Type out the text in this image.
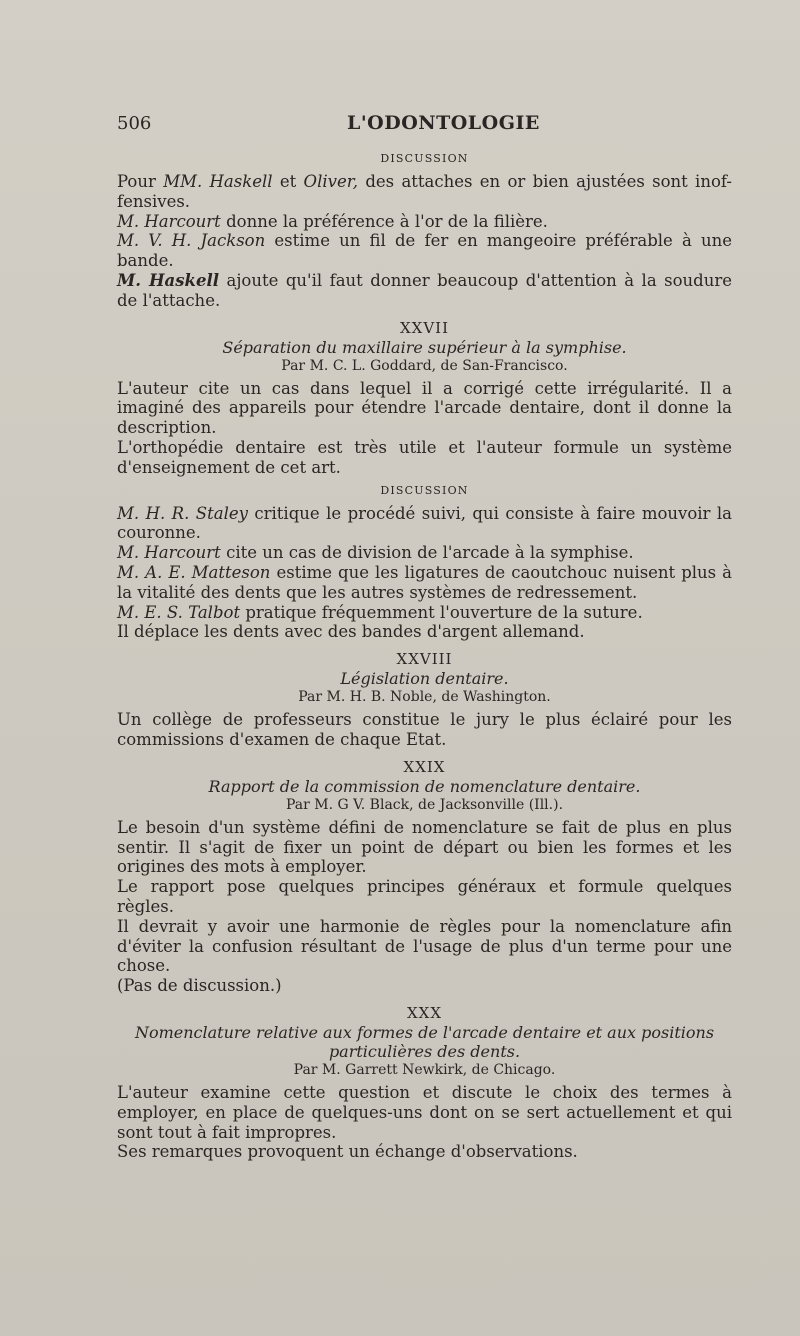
506	L'ODONTOLOGIE
DISCUSSION

Pour MM. Haskell et Oliver, des attaches en or bien ajustées sont inof-fensives.

M. Harcourt donne la préférence à l'or de la filière.

M. V. H. Jackson estime un fil de fer en mangeoire préférable à une bande.

M. Haskell ajoute qu'il faut donner beaucoup d'attention à la soudure de l'attache.

XXVII
Séparation du maxillaire supérieur à la symphise.
Par M. C. L. Goddard, de San-Francisco.

L'auteur cite un cas dans lequel il a corrigé cette irrégularité. Il a imaginé des appareils pour étendre l'arcade dentaire, dont il donne la description.

L'orthopédie dentaire est très utile et l'auteur formule un système d'enseignement de cet art.

DISCUSSION

M. H. R. Staley critique le procédé suivi, qui consiste à faire mouvoir la couronne.

M. Harcourt cite un cas de division de l'arcade à la symphise.

M. A. E. Matteson estime que les ligatures de caoutchouc nuisent plus à la vitalité des dents que les autres systèmes de redressement.

M. E. S. Talbot pratique fréquemment l'ouverture de la suture.

Il déplace les dents avec des bandes d'argent allemand.

XXVIII
Législation dentaire.
Par M. H. B. Noble, de Washington.

Un collège de professeurs constitue le jury le plus éclairé pour les commissions d'examen de chaque Etat.

XXIX
Rapport de la commission de nomenclature dentaire.
Par M. G V. Black, de Jacksonville (Ill.).

Le besoin d'un système défini de nomenclature se fait de plus en plus sentir. Il s'agit de fixer un point de départ ou bien les formes et les origines des mots à employer.

Le rapport pose quelques principes généraux et formule quelques règles.

Il devrait y avoir une harmonie de règles pour la nomenclature afin d'éviter la confusion résultant de l'usage de plus d'un terme pour une chose.

(Pas de discussion.)

XXX
Nomenclature relative aux formes de l'arcade dentaire et aux positions particulières des dents.
Par M. Garrett Newkirk, de Chicago.

L'auteur examine cette question et discute le choix des termes à employer, en place de quelques-uns dont on se sert actuellement et qui sont tout à fait impropres.

Ses remarques provoquent un échange d'observations.
